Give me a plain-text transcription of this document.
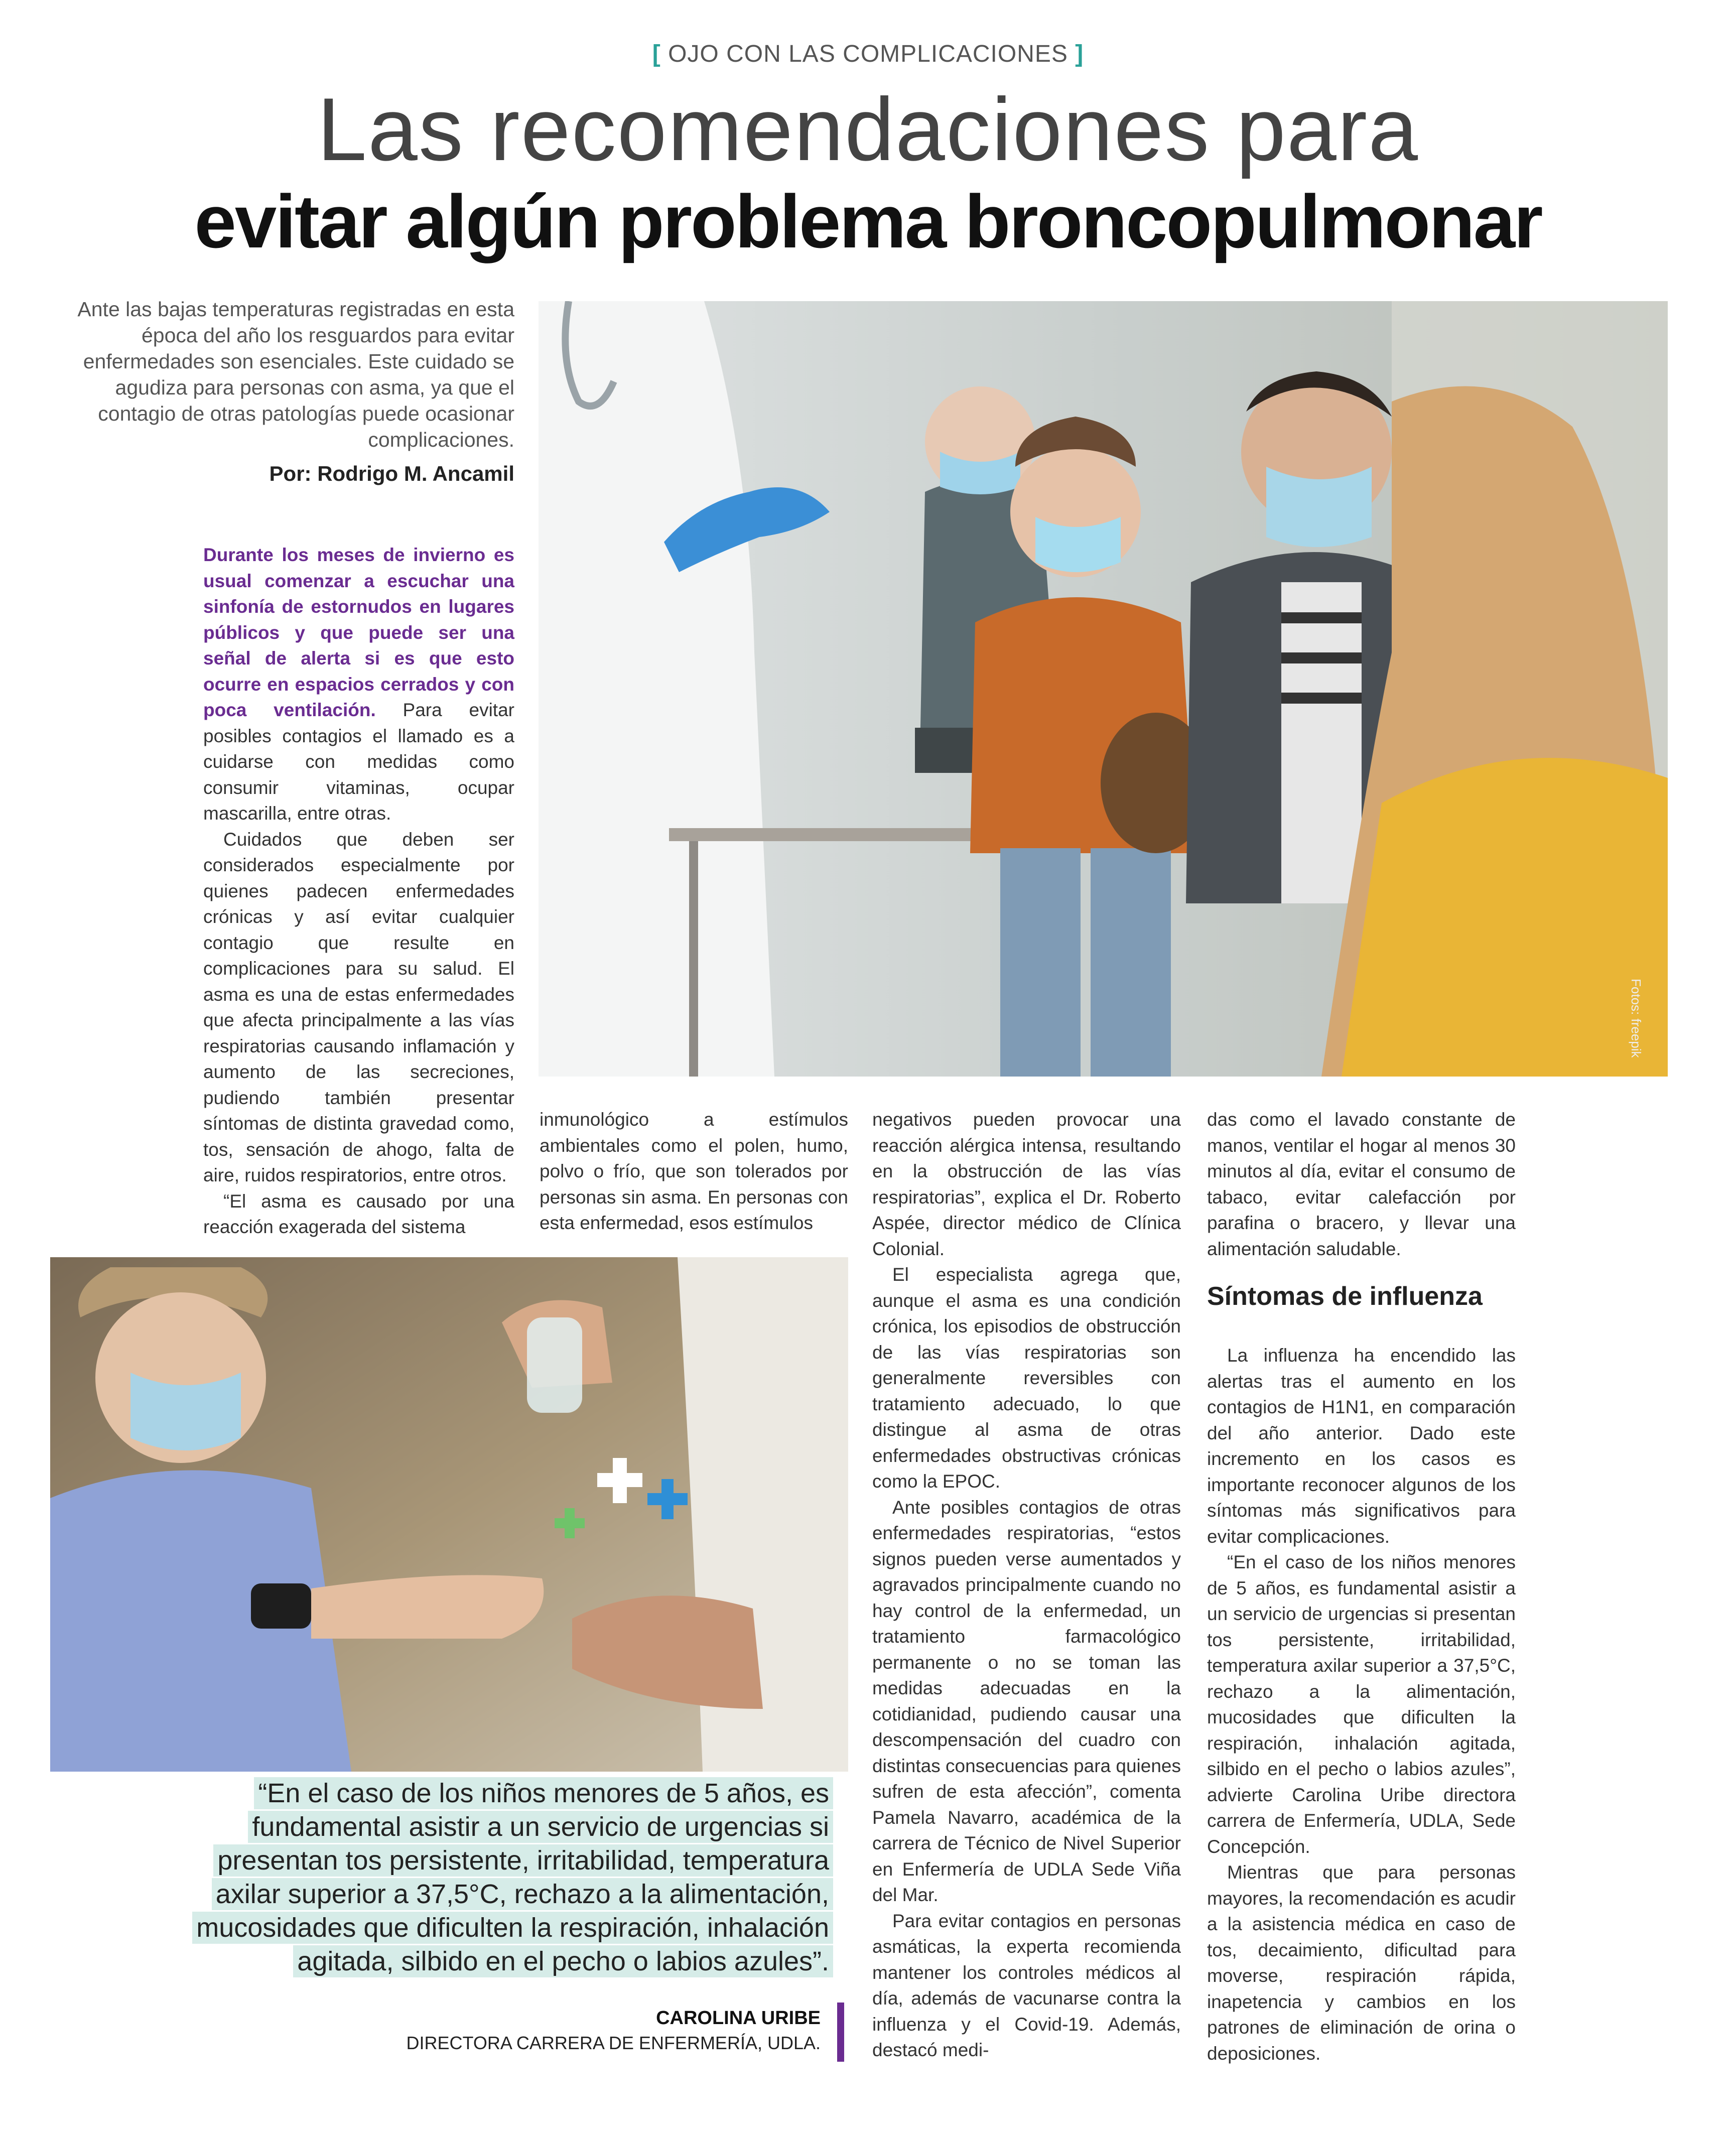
[ OJO CON LAS COMPLICACIONES ]
Las recomendaciones para
evitar algún problema broncopulmonar
Ante las bajas temperaturas registradas en esta época del año los resguardos para evitar enfermedades son esenciales. Este cuidado se agudiza para personas con asma, ya que el contagio de otras patologías puede ocasionar complicaciones.
Por: Rodrigo M. Ancamil
Fotos: freepik

Durante los meses de invierno es usual comenzar a escuchar una sinfonía de estornudos en lugares públicos y que puede ser una señal de alerta si es que esto ocurre en espacios cerrados y con poca ventilación. Para evitar posibles contagios el llamado es a cuidarse con medidas como consumir vitaminas, ocupar mascarilla, entre otras.

Cuidados que deben ser considerados especialmente por quienes padecen enfermedades crónicas y así evitar cualquier contagio que resulte en complicaciones para su salud. El asma es una de estas enfermedades que afecta principalmente a las vías respiratorias causando inflamación y aumento de las secreciones, pudiendo también presentar síntomas de distinta gravedad como, tos, sensación de ahogo, falta de aire, ruidos respiratorios, entre otros.

“El asma es causado por una reacción exagerada del sistema

inmunológico a estímulos ambientales como el polen, humo, polvo o frío, que son tolerados por personas sin asma. En personas con esta enfermedad, esos estímulos

negativos pueden provocar una reacción alérgica intensa, resultando en la obstrucción de las vías respiratorias”, explica el Dr. Roberto Aspée, director médico de Clínica Colonial.

El especialista agrega que, aunque el asma es una condición crónica, los episodios de obstrucción de las vías respiratorias son generalmente reversibles con tratamiento adecuado, lo que distingue al asma de otras enfermedades obstructivas crónicas como la EPOC.

Ante posibles contagios de otras enfermedades respiratorias, “estos signos pueden verse aumentados y agravados principalmente cuando no hay control de la enfermedad, un tratamiento farmacológico permanente o no se toman las medidas adecuadas en la cotidianidad, pudiendo causar una descompensación del cuadro con distintas consecuencias para quienes sufren de esta afección”, comenta Pamela Navarro, académica de la carrera de Técnico de Nivel Superior en Enfermería de UDLA Sede Viña del Mar.

Para evitar contagios en personas asmáticas, la experta recomienda mantener los controles médicos al día, además de vacunarse contra la influenza y el Covid-19. Además, destacó medi-

das como el lavado constante de manos, ventilar el hogar al menos 30 minutos al día, evitar el consumo de tabaco, evitar calefacción por parafina o bracero, y llevar una alimentación saludable.

Síntomas de influenza

La influenza ha encendido las alertas tras el aumento en los contagios de H1N1, en comparación del año anterior. Dado este incremento en los casos es importante reconocer algunos de los síntomas más significativos para evitar complicaciones.

“En el caso de los niños menores de 5 años, es fundamental asistir a un servicio de urgencias si presentan tos persistente, irritabilidad, temperatura axilar superior a 37,5°C, rechazo a la alimentación, mucosidades que dificulten la respiración, inhalación agitada, silbido en el pecho o labios azules”, advierte Carolina Uribe directora carrera de Enfermería, UDLA, Sede Concepción.

Mientras que para personas mayores, la recomendación es acudir a la asistencia médica en caso de tos, decaimiento, dificultad para moverse, respiración rápida, inapetencia y cambios en los patrones de eliminación de orina o deposiciones.

“En el caso de los niños menores de 5 años, es
fundamental asistir a un servicio de urgencias si
presentan tos persistente, irritabilidad, temperatura
axilar superior a 37,5°C, rechazo a la alimentación,
mucosidades que dificulten la respiración, inhalación
agitada, silbido en el pecho o labios azules”.
CAROLINA URIBE
DIRECTORA CARRERA DE ENFERMERÍA, UDLA.
